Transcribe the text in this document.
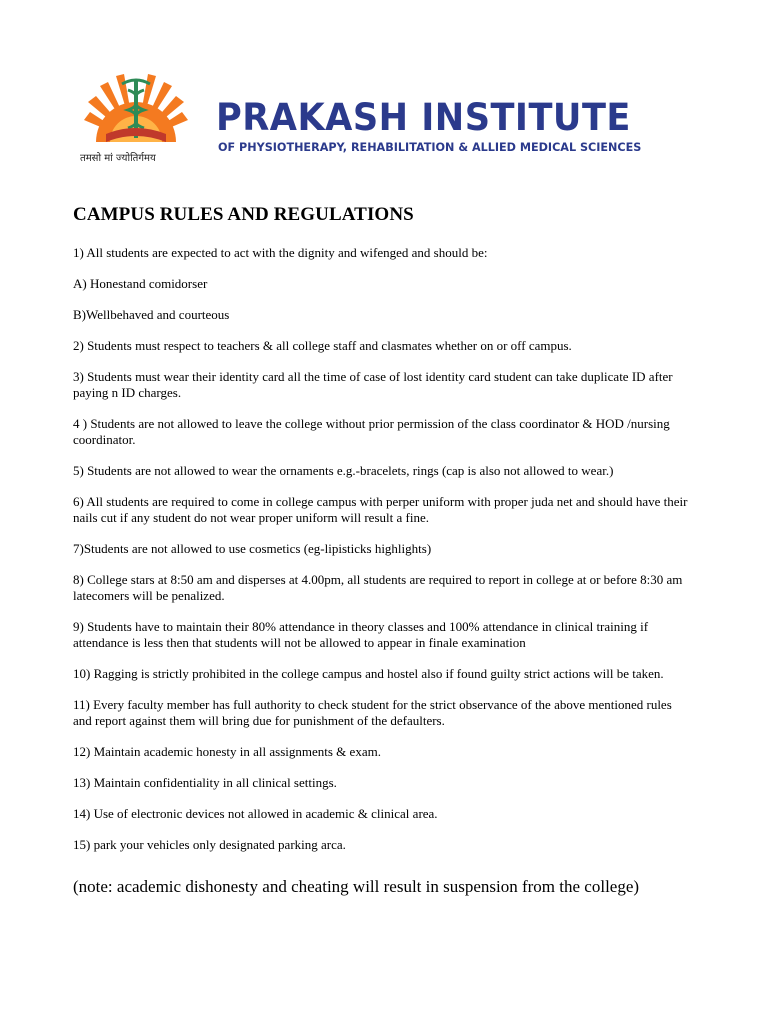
तमसो मां ज्योतिर्गमय
PRAKASH INSTITUTE
OF PHYSIOTHERAPY, REHABILITATION & ALLIED MEDICAL SCIENCES
CAMPUS RULES AND REGULATIONS
1) All students are expected to act with the dignity and wifenged and should be:
A) Honestand comidorser
B)Wellbehaved and courteous
2) Students must respect to teachers & all college staff and clasmates whether on or off campus.
3) Students must wear their identity card all the time of case of lost identity card student can take duplicate ID after paying n ID charges.
4 ) Students are not allowed to leave the college without prior permission of the class coordinator & HOD /nursing coordinator.
5) Students are not allowed to wear the ornaments e.g.-bracelets, rings (cap is also not allowed to wear.)
6) All students are required to come in college campus with perper uniform with proper juda net and should have their nails cut if any student do not wear proper uniform will result a fine.
7)Students are not allowed to use cosmetics (eg-lipisticks highlights)
8) College stars at 8:50 am and disperses at 4.00pm, all students are required to report in college at or before 8:30 am latecomers will be penalized.
9) Students have to maintain their 80% attendance in theory classes and 100% attendance in clinical training if attendance is less then that students will not be allowed to appear in finale examination
10) Ragging is strictly prohibited in the college campus and hostel also if found guilty strict actions will be taken.
11) Every faculty member has full authority to check student for the strict observance of the above mentioned rules and report against them will bring due for punishment of the defaulters.
12) Maintain academic honesty in all assignments & exam.
13) Maintain confidentiality in all clinical settings.
14) Use of electronic devices not allowed in academic & clinical area.
15) park your vehicles only designated parking arca.
(note: academic dishonesty and cheating will result in suspension from the college)
